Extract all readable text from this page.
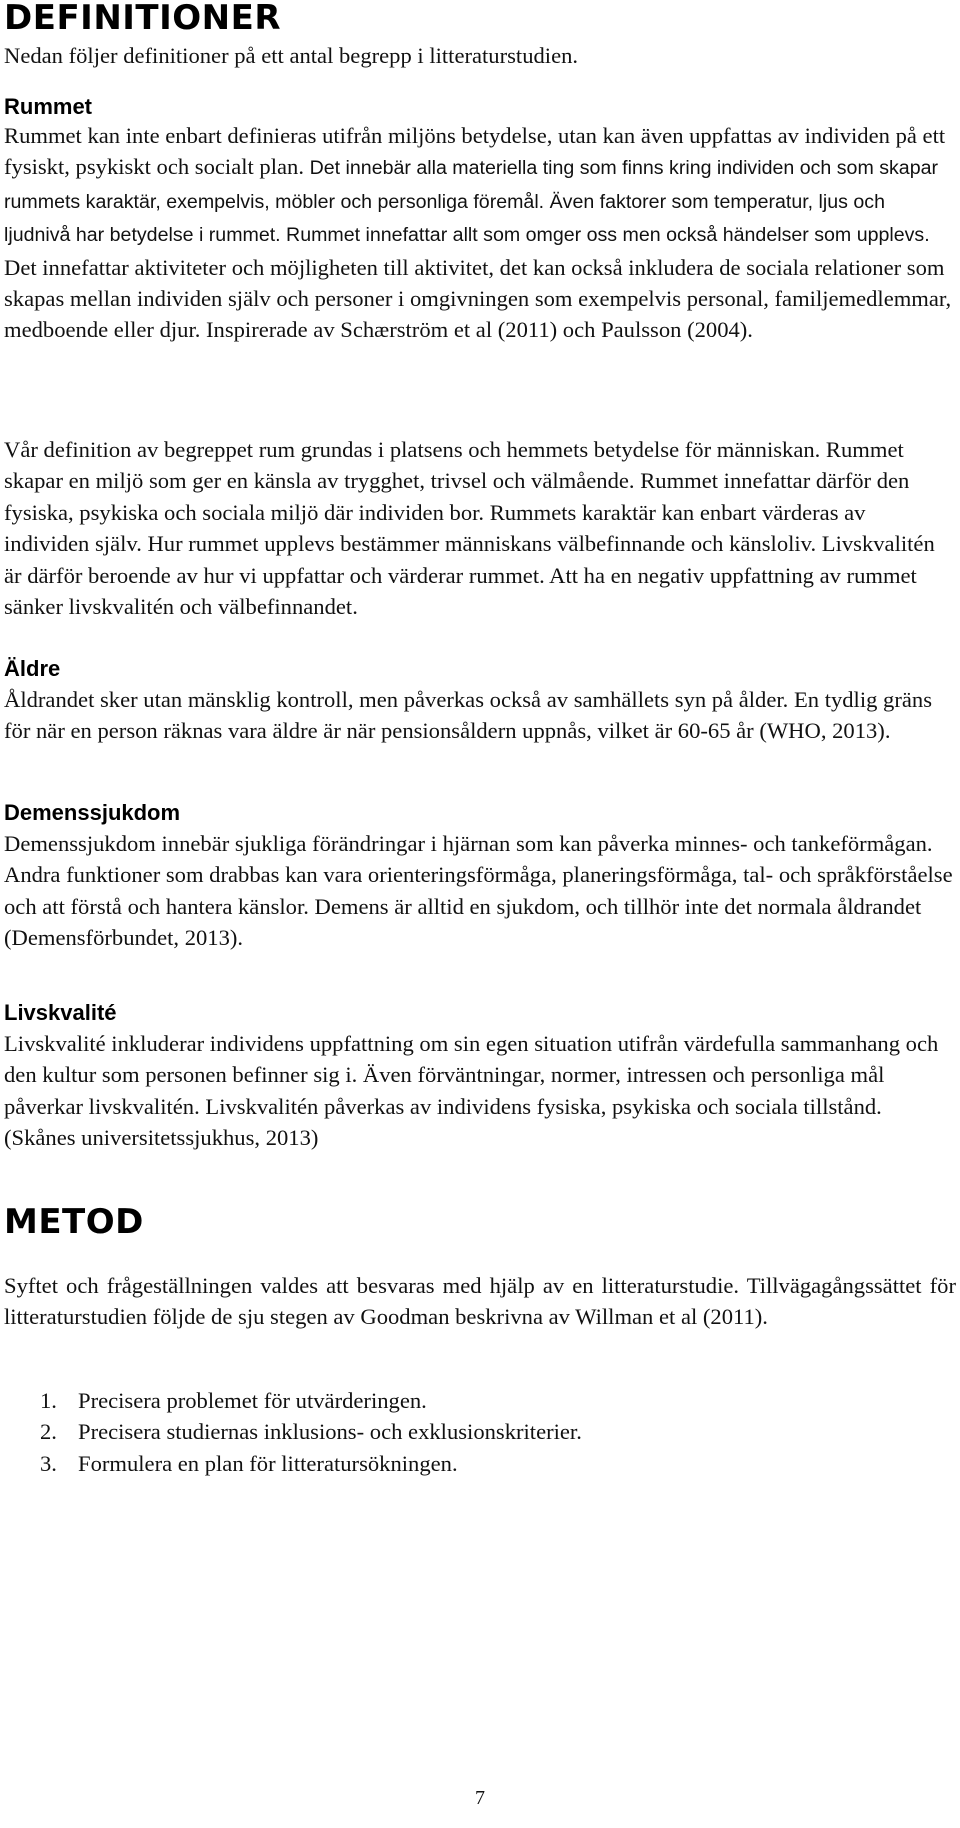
DEFINITIONER

Nedan följer definitioner på ett antal begrepp i litteraturstudien.

Rummet

Rummet kan inte enbart definieras utifrån miljöns betydelse, utan kan även uppfattas av individen på ett fysiskt, psykiskt och socialt plan. Det innebär alla materiella ting som finns kring individen och som skapar rummets karaktär, exempelvis, möbler och personliga föremål. Även faktorer som temperatur, ljus och ljudnivå har betydelse i rummet. Rummet innefattar allt som omger oss men också händelser som upplevs. Det innefattar aktiviteter och möjligheten till aktivitet, det kan också inkludera de sociala relationer som skapas mellan individen själv och personer i omgivningen som exempelvis personal, familjemedlemmar, medboende eller djur. Inspirerade av Schærström et al (2011) och Paulsson (2004).

Vår definition av begreppet rum grundas i platsens och hemmets betydelse för människan. Rummet skapar en miljö som ger en känsla av trygghet, trivsel och välmående. Rummet innefattar därför den fysiska, psykiska och sociala miljö där individen bor. Rummets karaktär kan enbart värderas av individen själv. Hur rummet upplevs bestämmer människans välbefinnande och känsloliv. Livskvalitén är därför beroende av hur vi uppfattar och värderar rummet. Att ha en negativ uppfattning av rummet sänker livskvalitén och välbefinnandet.

Äldre

Åldrandet sker utan mänsklig kontroll, men påverkas också av samhällets syn på ålder. En tydlig gräns för när en person räknas vara äldre är när pensionsåldern uppnås, vilket är 60-65 år (WHO, 2013).

Demenssjukdom

Demenssjukdom innebär sjukliga förändringar i hjärnan som kan påverka minnes- och tankeförmågan. Andra funktioner som drabbas kan vara orienteringsförmåga, planeringsförmåga, tal- och språkförståelse och att förstå och hantera känslor. Demens är alltid en sjukdom, och tillhör inte det normala åldrandet (Demensförbundet, 2013).

Livskvalité

Livskvalité inkluderar individens uppfattning om sin egen situation utifrån värdefulla sammanhang och den kultur som personen befinner sig i. Även förväntningar, normer, intressen och personliga mål påverkar livskvalitén. Livskvalitén påverkas av individens fysiska, psykiska och sociala tillstånd. (Skånes universitetssjukhus, 2013)

METOD

Syftet och frågeställningen valdes att besvaras med hjälp av en litteraturstudie. Tillvägagångssättet för litteraturstudien följde de sju stegen av Goodman beskrivna av Willman et al (2011).

1. Precisera problemet för utvärderingen.
2. Precisera studiernas inklusions- och exklusionskriterier.
3. Formulera en plan för litteratursökningen.
7
